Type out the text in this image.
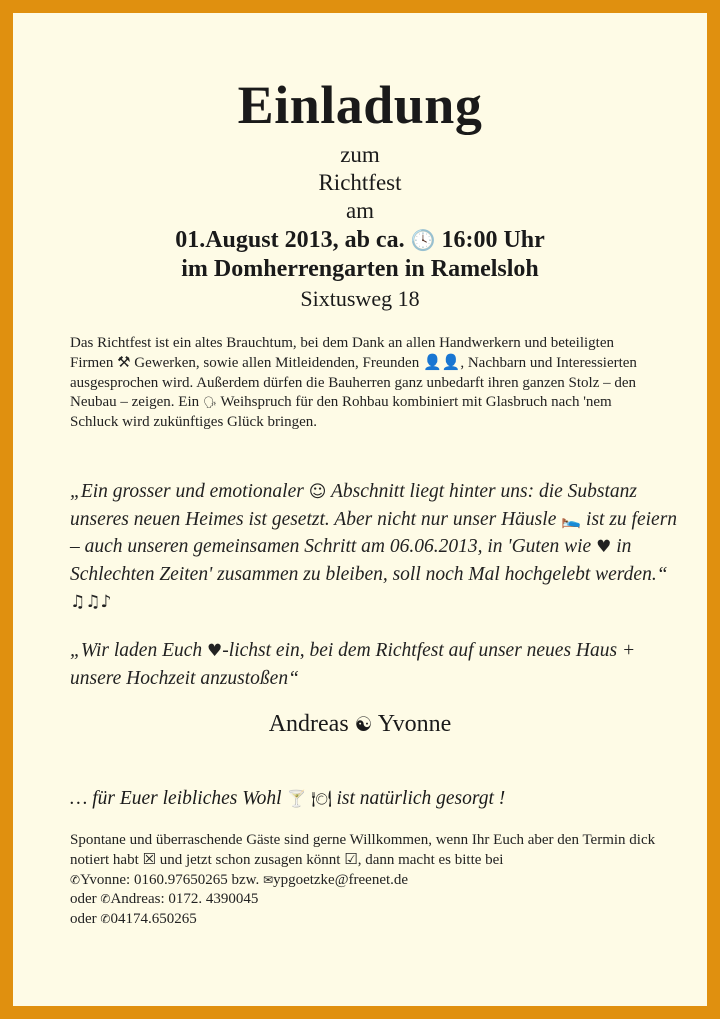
Einladung
zum
Richtfest
am
01.August 2013, ab ca. 🕓 16:00 Uhr
im Domherrengarten in Ramelsloh
Sixtusweg 18
Das Richtfest ist ein altes Brauchtum, bei dem Dank an allen Handwerkern und beteiligten Firmen ⚒ Gewerken, sowie allen Mitleidenden, Freunden 👤👤, Nachbarn und Interessierten ausgesprochen wird. Außerdem dürfen die Bauherren ganz unbedarft ihren ganzen Stolz – den Neubau – zeigen. Ein 🗣 Weihspruch für den Rohbau kombiniert mit Glasbruch nach 'nem Schluck wird zukünftiges Glück bringen.
„Ein grosser und emotionaler ☺ Abschnitt liegt hinter uns: die Substanz unseres neuen Heimes ist gesetzt. Aber nicht nur unser Häusle 🛌 ist zu feiern – auch unseren gemeinsamen Schritt am 06.06.2013, in 'Guten wie ♥ in Schlechten Zeiten' zusammen zu bleiben, soll noch Mal hochgelebt werden.“ ♫♫♪
„Wir laden Euch ♥-lichst ein, bei dem Richtfest auf unser neues Haus + unsere Hochzeit anzustoßen“
Andreas ☯ Yvonne
… für Euer leibliches Wohl 🍸 🍽 ist natürlich gesorgt !
Spontane und überraschende Gäste sind gerne Willkommen, wenn Ihr Euch aber den Termin dick notiert habt ☒ und jetzt schon zusagen könnt ☑, dann macht es bitte bei
✆Yvonne: 0160.97650265 bzw. ✉ypgoetzke@freenet.de
oder ✆Andreas: 0172. 4390045
oder ✆04174.650265
